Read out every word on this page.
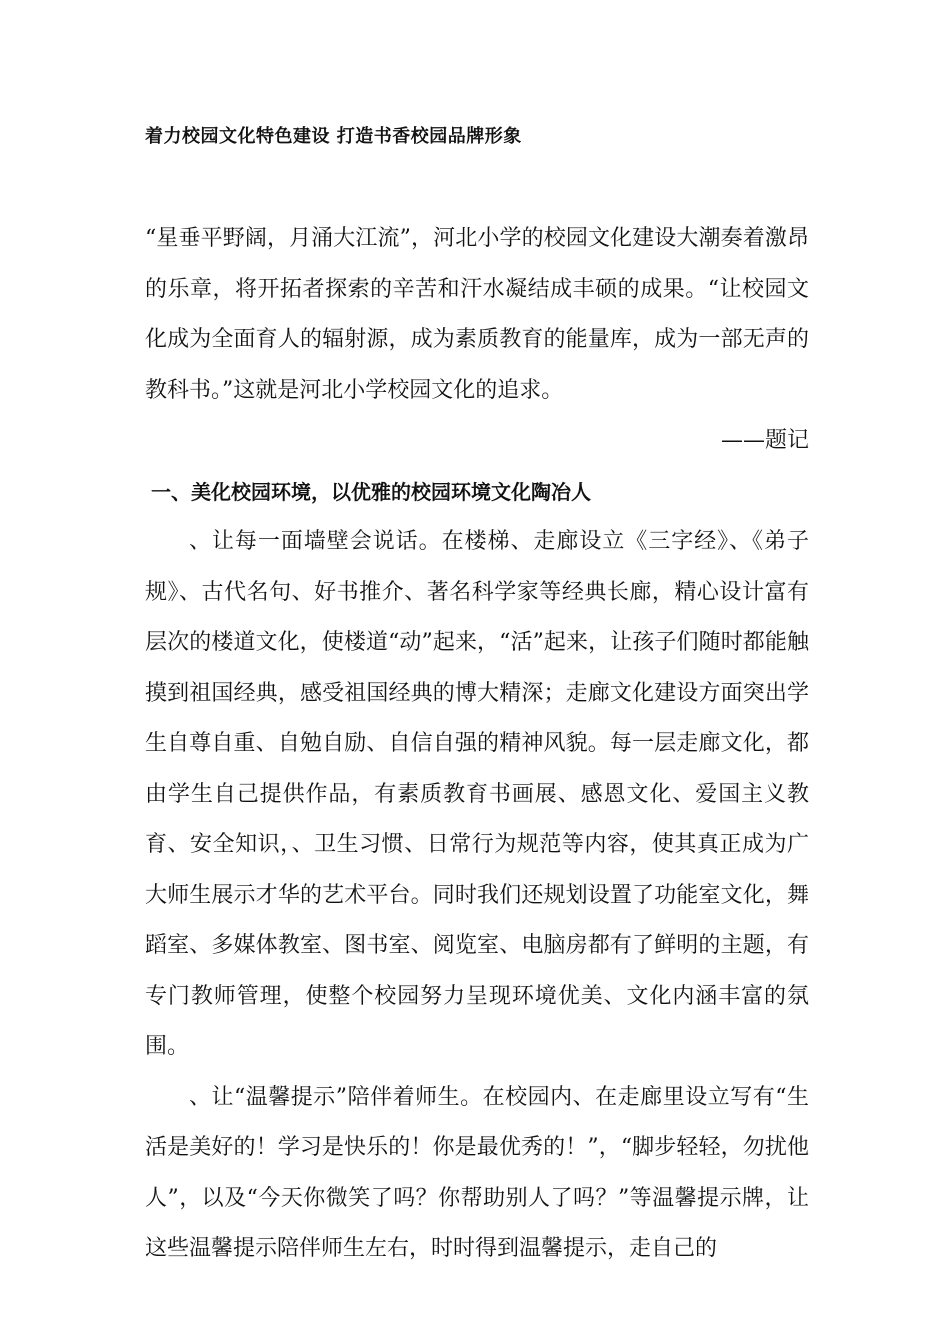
着力校园文化特色建设 打造书香校园品牌形象

“星垂平野阔，月涌大江流”，河北小学的校园文化建设大潮奏着激昂的乐章，将开拓者探索的辛苦和汗水凝结成丰硕的成果。“让校园文化成为全面育人的辐射源，成为素质教育的能量库，成为一部无声的教科书。”这就是河北小学校园文化的追求。

——题记

一、美化校园环境，以优雅的校园环境文化陶冶人

、让每一面墙壁会说话。在楼梯、走廊设立《三字经》、《弟子规》、古代名句、好书推介、著名科学家等经典长廊，精心设计富有层次的楼道文化，使楼道“动”起来，“活”起来，让孩子们随时都能触摸到祖国经典，感受祖国经典的博大精深；走廊文化建设方面突出学生自尊自重、自勉自励、自信自强的精神风貌。每一层走廊文化，都由学生自己提供作品，有素质教育书画展、感恩文化、爱国主义教育、安全知识，、卫生习惯、日常行为规范等内容，使其真正成为广大师生展示才华的艺术平台。同时我们还规划设置了功能室文化，舞蹈室、多媒体教室、图书室、阅览室、电脑房都有了鲜明的主题，有专门教师管理，使整个校园努力呈现环境优美、文化内涵丰富的氛围。

、让“温馨提示”陪伴着师生。在校园内、在走廊里设立写有“生活是美好的！学习是快乐的！你是最优秀的！”，“脚步轻轻，勿扰他人”，以及“今天你微笑了吗？你帮助别人了吗？”等温馨提示牌，让这些温馨提示陪伴师生左右，时时得到温馨提示，走自己的
